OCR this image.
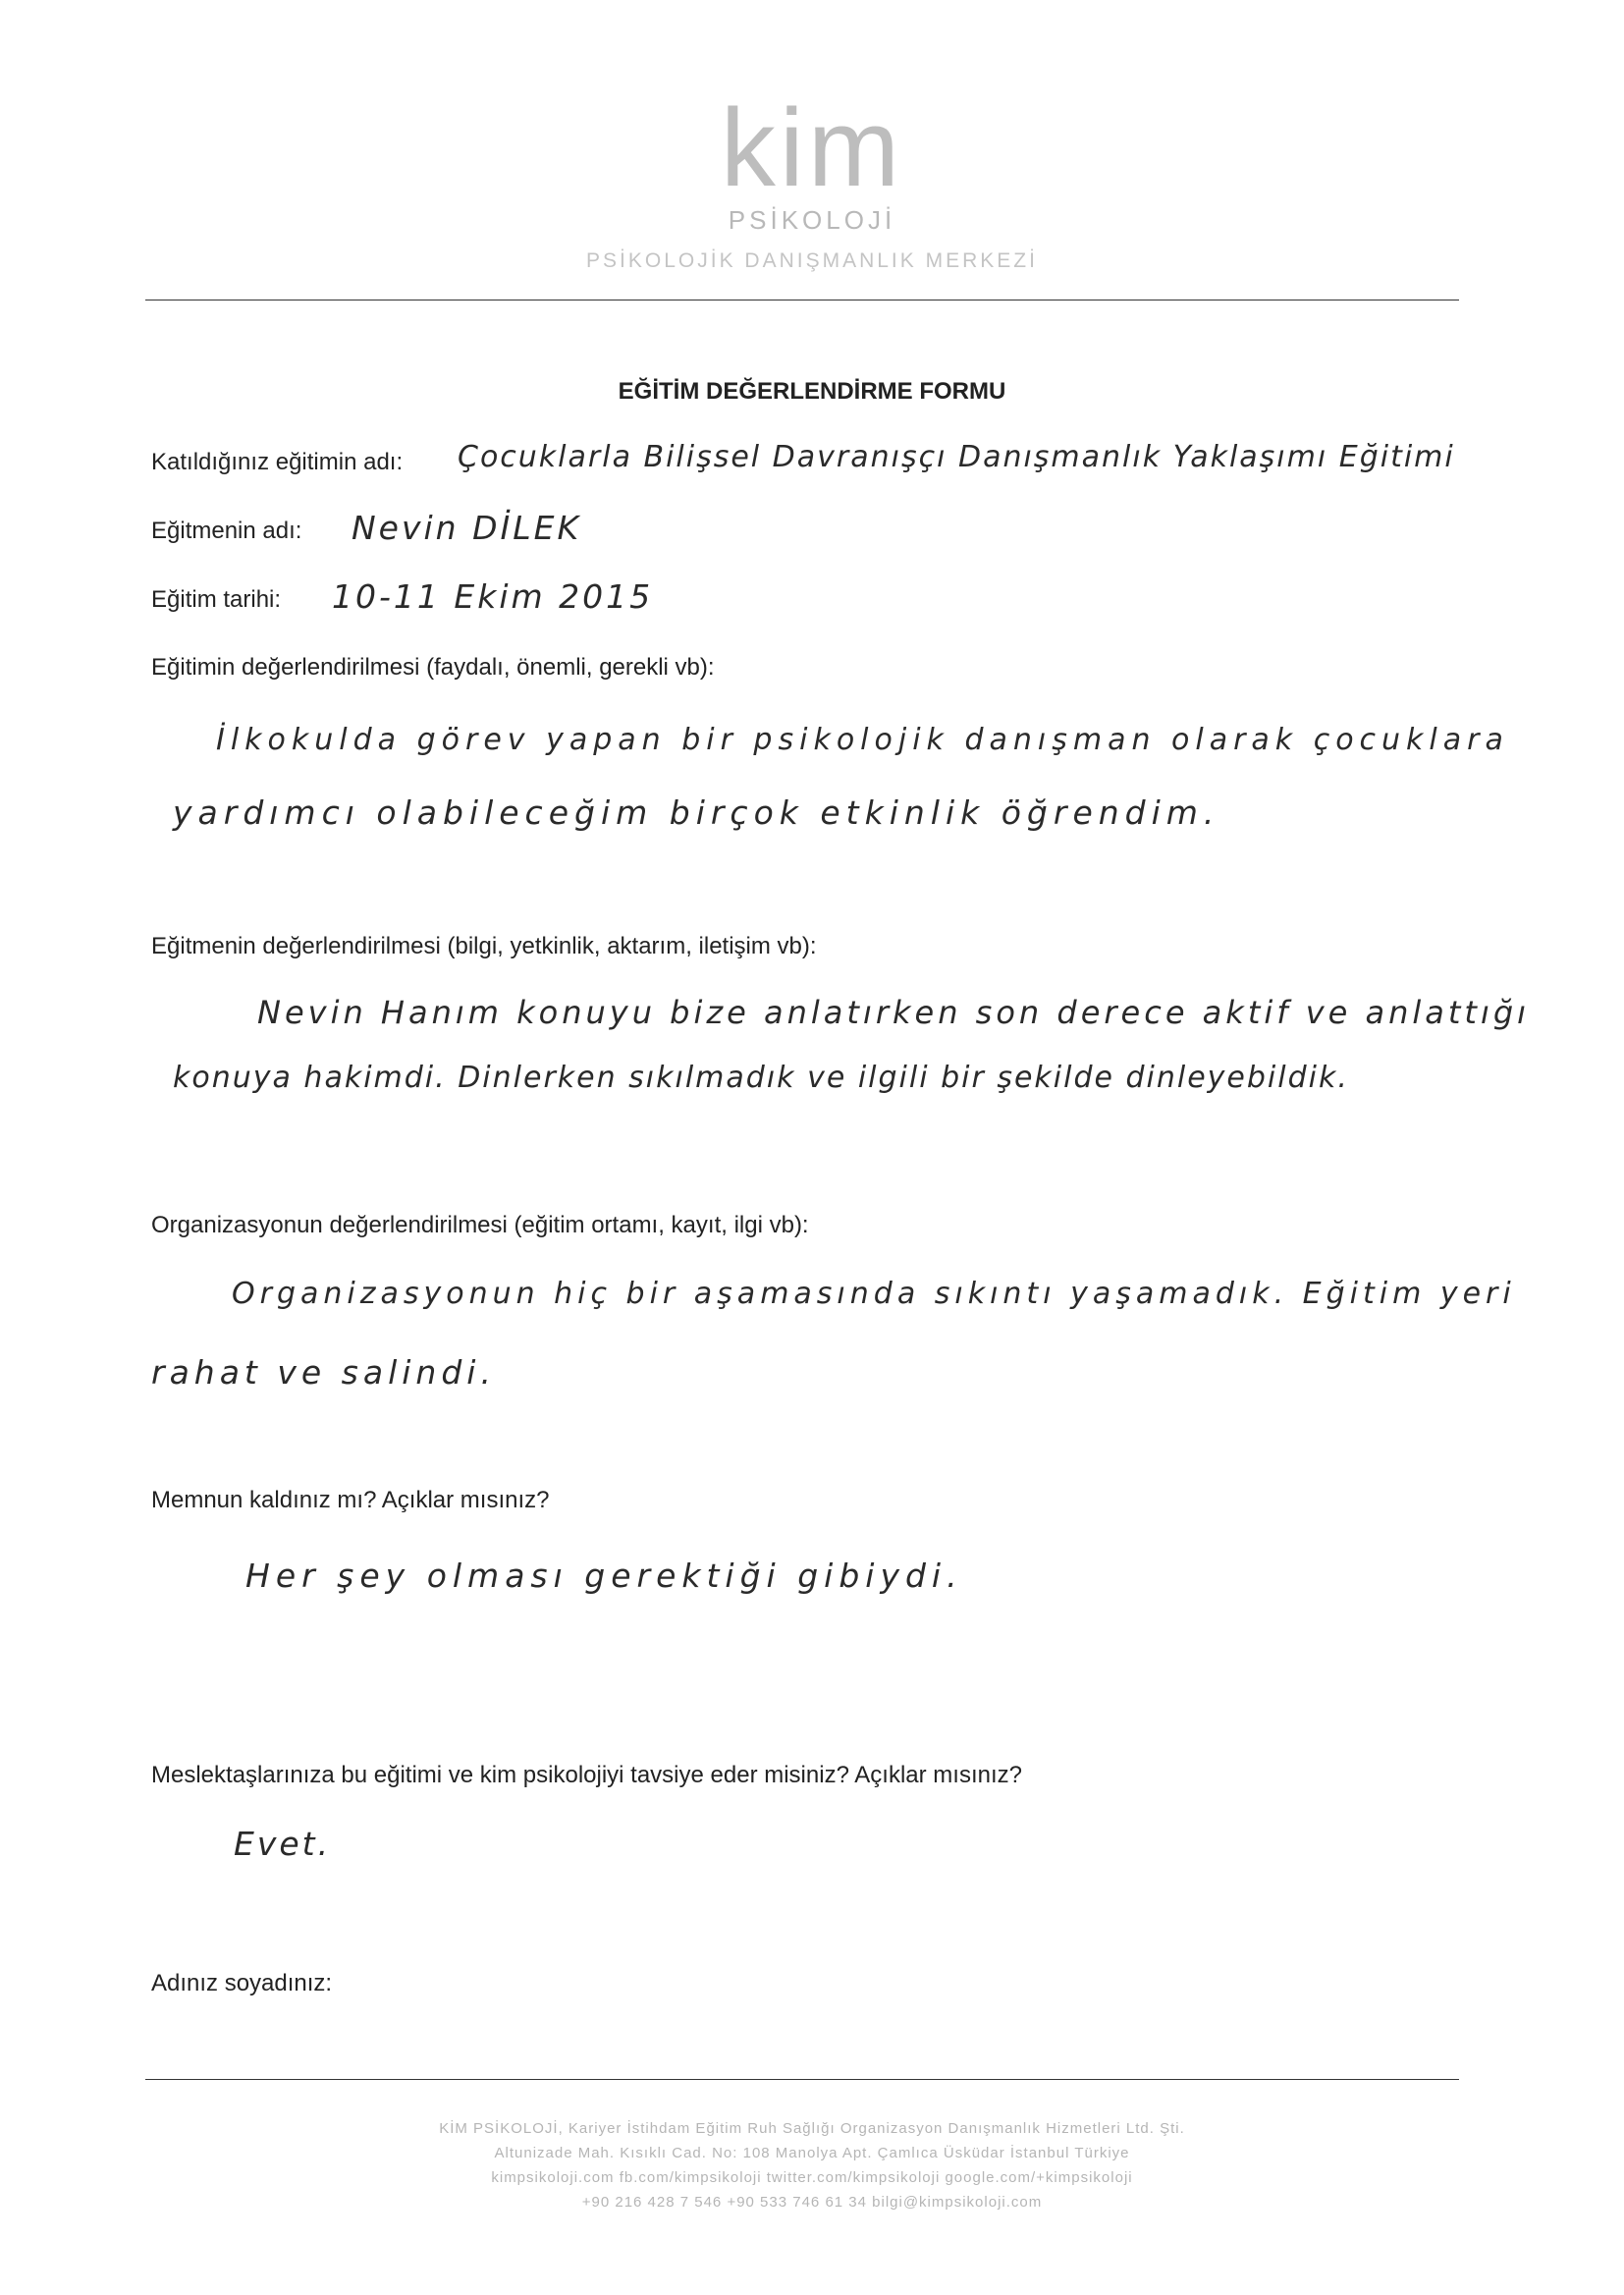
kim
PSİKOLOJİ
PSİKOLOJİK DANIŞMANLIK MERKEZİ
EĞİTİM DEĞERLENDİRME FORMU
Katıldığınız eğitimin adı: Çocuklarla Bilişsel Davranışçı Danışmanlık Yaklaşımı Eğitimi
Eğitmenin adı: Nevin DİLEK
Eğitim tarihi: 10-11 Ekim 2015
Eğitimin değerlendirilmesi (faydalı, önemli, gerekli vb):
İlkokulda görev yapan bir psikolojik danışman olarak çocuklara
yardımcı olabileceğim birçok etkinlik öğrendim.
Eğitmenin değerlendirilmesi (bilgi, yetkinlik, aktarım, iletişim vb):
Nevin Hanım konuyu bize anlatırken son derece aktif ve anlattığı
konuya hakimdi. Dinlerken sıkılmadık ve ilgili bir şekilde dinleyebildik.
Organizasyonun değerlendirilmesi (eğitim ortamı, kayıt, ilgi vb):
Organizasyonun hiç bir aşamasında sıkıntı yaşamadık. Eğitim yeri
rahat ve salindi.
Memnun kaldınız mı? Açıklar mısınız?
Her şey olması gerektiği gibiydi.
Meslektaşlarınıza bu eğitimi ve kim psikolojiyi tavsiye eder misiniz? Açıklar mısınız?
Evet.
Adınız soyadınız:
KİM PSİKOLOJİ, Kariyer İstihdam Eğitim Ruh Sağlığı Organizasyon Danışmanlık Hizmetleri Ltd. Şti.
Altunizade Mah. Kısıklı Cad. No: 108 Manolya Apt. Çamlıca Üsküdar İstanbul Türkiye
kimpsikoloji.com fb.com/kimpsikoloji twitter.com/kimpsikoloji google.com/+kimpsikoloji
+90 216 428 7 546 +90 533 746 61 34 bilgi@kimpsikoloji.com
